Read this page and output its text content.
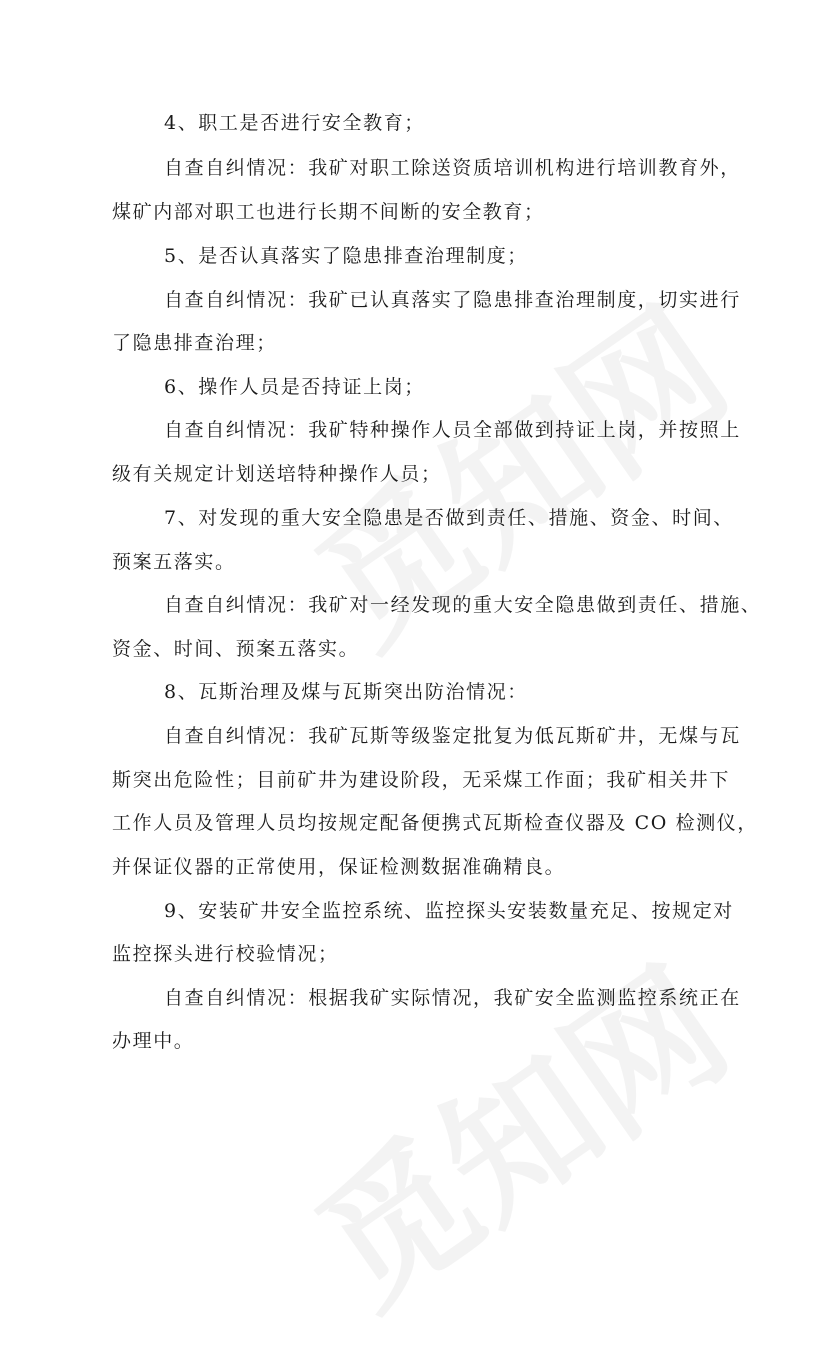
4、职工是否进行安全教育；
自查自纠情况：我矿对职工除送资质培训机构进行培训教育外，
煤矿内部对职工也进行长期不间断的安全教育；
5、是否认真落实了隐患排查治理制度；
自查自纠情况：我矿已认真落实了隐患排查治理制度，切实进行
了隐患排查治理；
6、操作人员是否持证上岗；
自查自纠情况：我矿特种操作人员全部做到持证上岗，并按照上
级有关规定计划送培特种操作人员；
7、对发现的重大安全隐患是否做到责任、措施、资金、时间、
预案五落实。
自查自纠情况：我矿对一经发现的重大安全隐患做到责任、措施、
资金、时间、预案五落实。
8、瓦斯治理及煤与瓦斯突出防治情况：
自查自纠情况：我矿瓦斯等级鉴定批复为低瓦斯矿井，无煤与瓦
斯突出危险性；目前矿井为建设阶段，无采煤工作面；我矿相关井下
工作人员及管理人员均按规定配备便携式瓦斯检查仪器及 CO 检测仪，
并保证仪器的正常使用，保证检测数据准确精良。
9、安装矿井安全监控系统、监控探头安装数量充足、按规定对
监控探头进行校验情况；
自查自纠情况：根据我矿实际情况，我矿安全监测监控系统正在
办理中。
